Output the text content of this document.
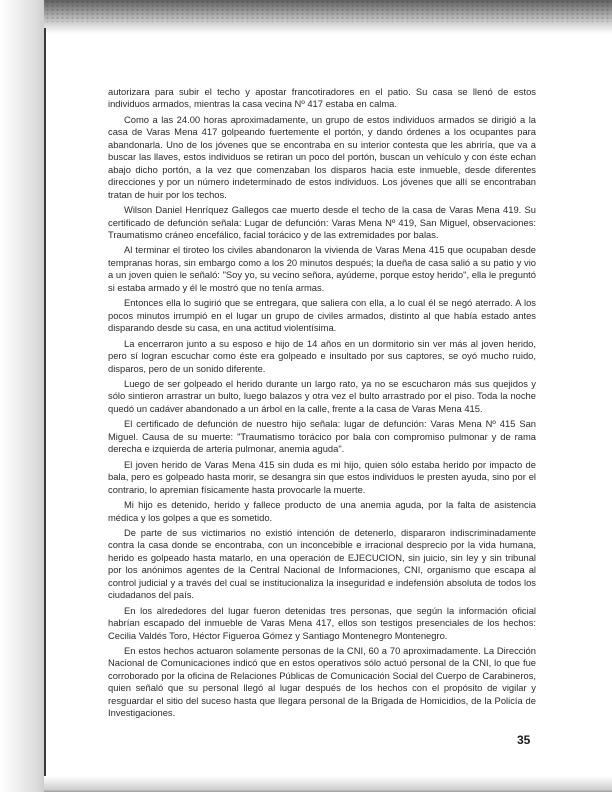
autorizara para subir el techo y apostar francotiradores en el patio. Su casa se llenó de estos individuos armados, mientras la casa vecina Nº 417 estaba en calma.

Como a las 24.00 horas aproximadamente, un grupo de estos individuos armados se dirigió a la casa de Varas Mena 417 golpeando fuertemente el portón, y dando órdenes a los ocupantes para abandonarla. Uno de los jóvenes que se encontraba en su interior contesta que les abriría, que va a buscar las llaves, estos individuos se retiran un poco del portón, buscan un vehículo y con éste echan abajo dicho portón, a la vez que comenzaban los disparos hacia este inmueble, desde diferentes direcciones y por un número indeterminado de estos individuos. Los jóvenes que allí se encontraban tratan de huir por los techos.

Wilson Daniel Henríquez Gallegos cae muerto desde el techo de la casa de Varas Mena 419. Su certificado de defunción señala: Lugar de defunción: Varas Mena Nº 419, San Miguel, observaciones: Traumatismo cráneo encefálico, facial torácico y de las extremidades por balas.

Al terminar el tiroteo los civiles abandonaron la vivienda de Varas Mena 415 que ocupaban desde tempranas horas, sin embargo como a los 20 minutos después; la dueña de casa salió a su patio y vio a un joven quien le señaló: "Soy yo, su vecino señora, ayúdeme, porque estoy herido", ella le preguntó si estaba armado y él le mostró que no tenía armas.

Entonces ella lo sugirió que se entregara, que saliera con ella, a lo cual él se negó aterrado. A los pocos minutos irrumpió en el lugar un grupo de civiles armados, distinto al que había estado antes disparando desde su casa, en una actitud violentísima.

La encerraron junto a su esposo e hijo de 14 años en un dormitorio sin ver más al joven herido, pero sí logran escuchar como éste era golpeado e insultado por sus captores, se oyó mucho ruido, disparos, pero de un sonido diferente.

Luego de ser golpeado el herido durante un largo rato, ya no se escucharon más sus quejidos y sólo sintieron arrastrar un bulto, luego balazos y otra vez el bulto arrastrado por el piso. Toda la noche quedó un cadáver abandonado a un árbol en la calle, frente a la casa de Varas Mena 415.

El certificado de defunción de nuestro hijo señala: lugar de defunción: Varas Mena Nº 415 San Miguel. Causa de su muerte: "Traumatismo torácico por bala con compromiso pulmonar y de rama derecha e izquierda de arteria pulmonar, anemia aguda".

El joven herido de Varas Mena 415 sin duda es mi hijo, quien sólo estaba herido por impacto de bala, pero es golpeado hasta morir, se desangra sin que estos individuos le presten ayuda, sino por el contrario, lo apremian físicamente hasta provocarle la muerte.

Mi hijo es detenido, herido y fallece producto de una anemia aguda, por la falta de asistencia médica y los golpes a que es sometido.

De parte de sus victimarios no existió intención de detenerlo, dispararon indiscriminadamente contra la casa donde se encontraba, con un inconcebible e irracional desprecio por la vida humana, herido es golpeado hasta matarlo, en una operación de EJECUCION, sin juicio, sin ley y sin tribunal por los anónimos agentes de la Central Nacional de Informaciones, CNI, organismo que escapa al control judicial y a través del cual se institucionaliza la inseguridad e indefensión absoluta de todos los ciudadanos del país.

En los alrededores del lugar fueron detenidas tres personas, que según la información oficial habrían escapado del inmueble de Varas Mena 417, ellos son testigos presenciales de los hechos: Cecilia Valdés Toro, Héctor Figueroa Gómez y Santiago Montenegro Montenegro.

En estos hechos actuaron solamente personas de la CNI, 60 a 70 aproximadamente. La Dirección Nacional de Comunicaciones indicó que en estos operativos sólo actuó personal de la CNI, lo que fue corroborado por la oficina de Relaciones Públicas de Comunicación Social del Cuerpo de Carabineros, quien señaló que su personal llegó al lugar después de los hechos con el propósito de vigilar y resguardar el sitio del suceso hasta que llegara personal de la Brigada de Homicidios, de la Policía de Investigaciones.

35
